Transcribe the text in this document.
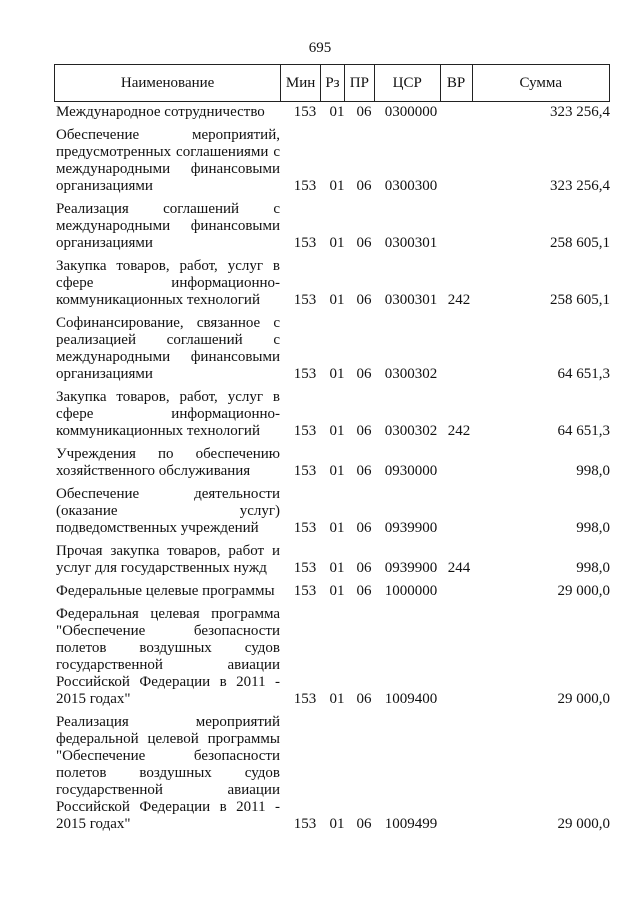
695
Наименование	Мин Рз ПР	ЦСР	ВР	Сумма
Международное сотрудничество	153 01 06 0300000	323 256,4
Обеспечение мероприятий, предусмотренных соглашениями с международными финансовыми организациями	153 01 06 0300300	323 256,4
Реализация соглашений с международными финансовыми организациями	153 01 06 0300301	258 605,1
Закупка товаров, работ, услуг в сфере информационно-коммуникационных технологий	153 01 06 0300301 242	258 605,1
Софинансирование, связанное с реализацией соглашений с международными финансовыми организациями	153 01 06 0300302	64 651,3
Закупка товаров, работ, услуг в сфере информационно-коммуникационных технологий	153 01 06 0300302 242	64 651,3
Учреждения по обеспечению хозяйственного обслуживания	153 01 06 0930000	998,0
Обеспечение деятельности (оказание услуг) подведомственных учреждений	153 01 06 0939900	998,0
Прочая закупка товаров, работ и услуг для государственных нужд	153 01 06 0939900 244	998,0
Федеральные целевые программы	153 01 06 1000000	29 000,0
Федеральная целевая программа "Обеспечение безопасности полетов воздушных судов государственной авиации Российской Федерации в 2011 - 2015 годах"	153 01 06 1009400	29 000,0
Реализация мероприятий федеральной целевой программы "Обеспечение безопасности полетов воздушных судов государственной авиации Российской Федерации в 2011 - 2015 годах"	153 01 06 1009499	29 000,0
